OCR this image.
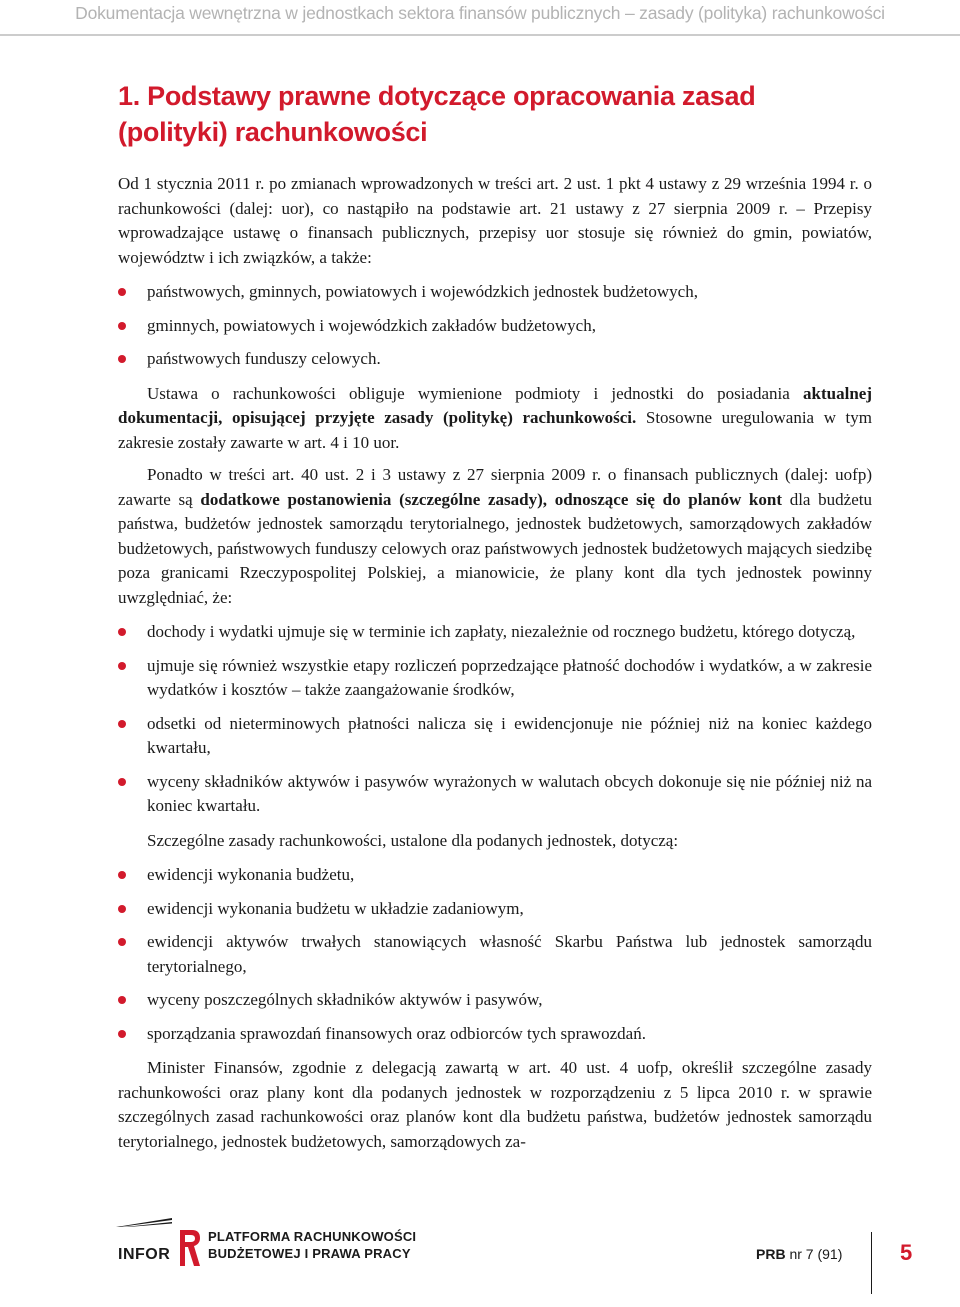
Dokumentacja wewnętrzna w jednostkach sektora finansów publicznych – zasady (polityka) rachunkowości
1. Podstawy prawne dotyczące opracowania zasad (polityki) rachunkowości

Od 1 stycznia 2011 r. po zmianach wprowadzonych w treści art. 2 ust. 1 pkt 4 ustawy z 29 września 1994 r. o rachunkowości (dalej: uor), co nastąpiło na podstawie art. 21 ustawy z 27 sierpnia 2009 r. – Przepisy wprowadzające ustawę o finansach publicznych, przepisy uor stosuje się również do gmin, powiatów, województw i ich związków, a także:

państwowych, gminnych, powiatowych i wojewódzkich jednostek budżetowych,
gminnych, powiatowych i wojewódzkich zakładów budżetowych,
państwowych funduszy celowych.

Ustawa o rachunkowości obliguje wymienione podmioty i jednostki do posiadania aktualnej dokumentacji, opisującej przyjęte zasady (politykę) rachunkowości. Stosowne uregulowania w tym zakresie zostały zawarte w art. 4 i 10 uor.

Ponadto w treści art. 40 ust. 2 i 3 ustawy z 27 sierpnia 2009 r. o finansach publicznych (dalej: uofp) zawarte są dodatkowe postanowienia (szczególne zasady), odnoszące się do planów kont dla budżetu państwa, budżetów jednostek samorządu terytorialnego, jednostek budżetowych, samorządowych zakładów budżetowych, państwowych funduszy celowych oraz państwowych jednostek budżetowych mających siedzibę poza granicami Rzeczypospolitej Polskiej, a mianowicie, że plany kont dla tych jednostek powinny uwzględniać, że:

dochody i wydatki ujmuje się w terminie ich zapłaty, niezależnie od rocznego budżetu, którego dotyczą,
ujmuje się również wszystkie etapy rozliczeń poprzedzające płatność dochodów i wydatków, a w zakresie wydatków i kosztów – także zaangażowanie środków,
odsetki od nieterminowych płatności nalicza się i ewidencjonuje nie później niż na koniec każdego kwartału,
wyceny składników aktywów i pasywów wyrażonych w walutach obcych dokonuje się nie później niż na koniec kwartału.

Szczególne zasady rachunkowości, ustalone dla podanych jednostek, dotyczą:

ewidencji wykonania budżetu,
ewidencji wykonania budżetu w układzie zadaniowym,
ewidencji aktywów trwałych stanowiących własność Skarbu Państwa lub jednostek samorządu terytorialnego,
wyceny poszczególnych składników aktywów i pasywów,
sporządzania sprawozdań finansowych oraz odbiorców tych sprawozdań.

Minister Finansów, zgodnie z delegacją zawartą w art. 40 ust. 4 uofp, określił szczególne zasady rachunkowości oraz plany kont dla podanych jednostek w rozporządzeniu z 5 lipca 2010 r. w sprawie szczególnych zasad rachunkowości oraz planów kont dla budżetu państwa, budżetów jednostek samorządu terytorialnego, jednostek budżetowych, samorządowych za-

INFOR
PLATFORMA RACHUNKOWOŚCI
BUDŻETOWEJ I PRAWA PRACY	PRB nr 7 (91)	5
